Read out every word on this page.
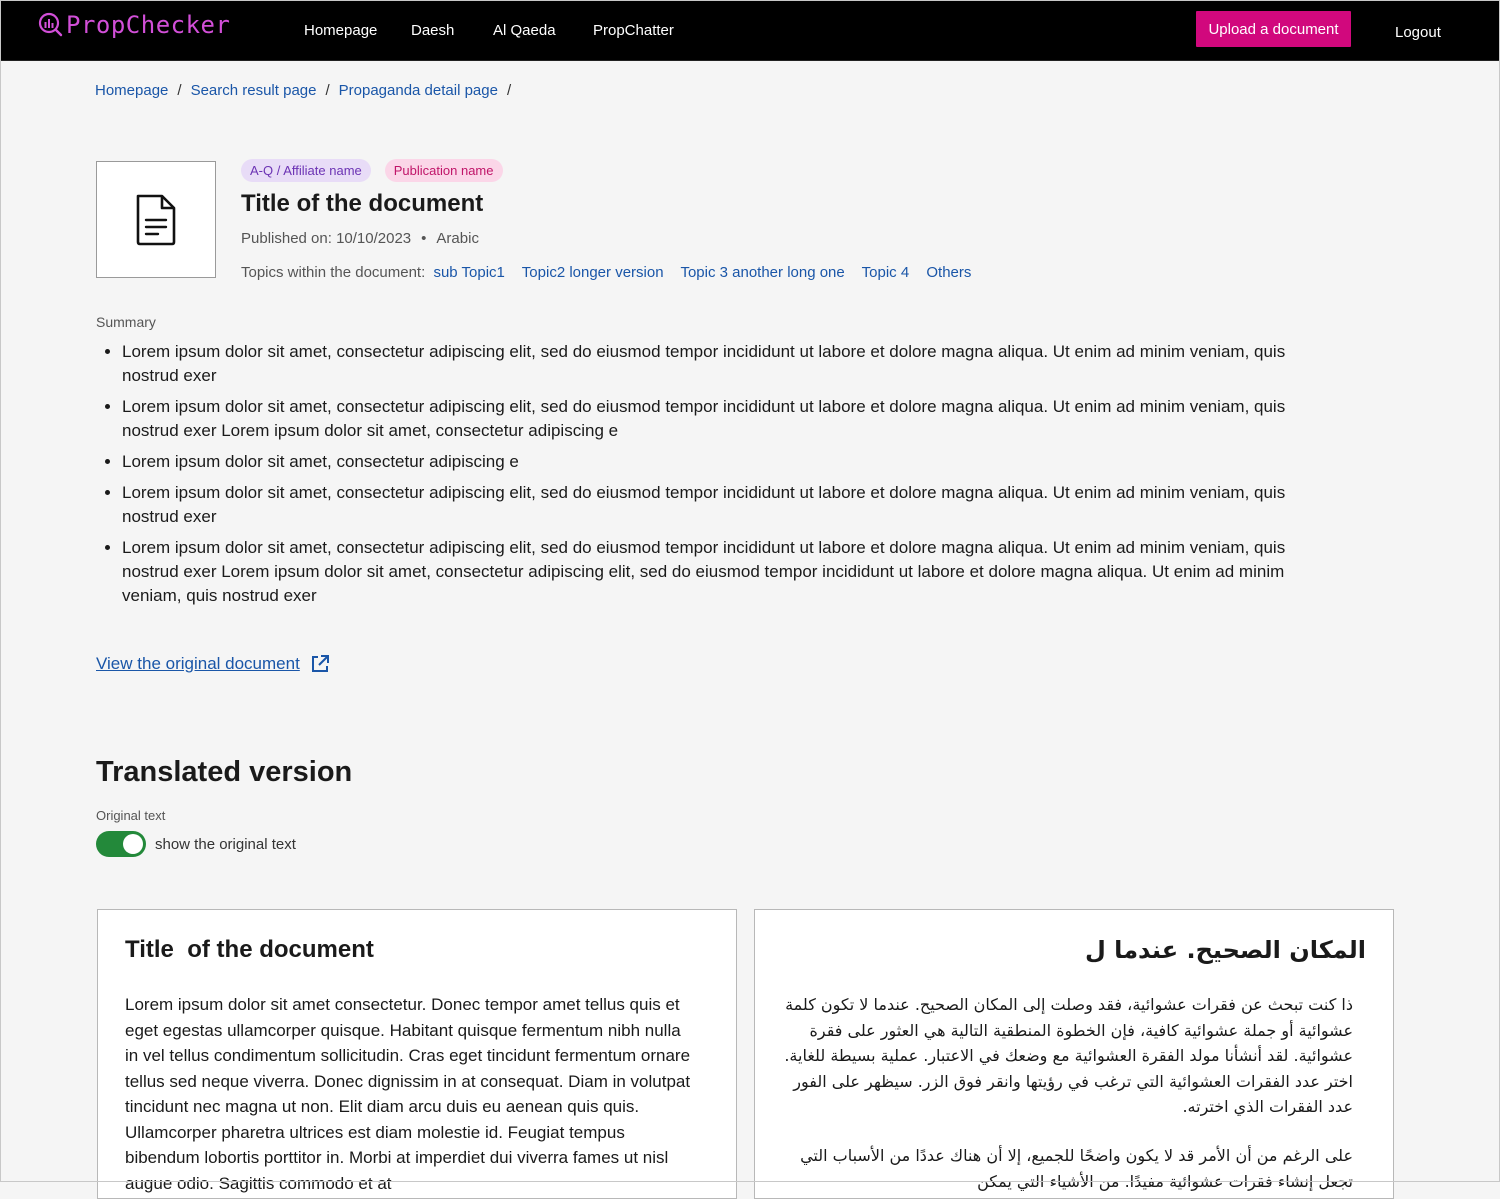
PropChecker	Homepage Daesh	Al Qaeda PropChatter	Upload a document	Logout
Homepage / Search result page / Propaganda detail page /
A-Q / Affiliate name	Publication name
Title of the document
Published on: 10/10/2023 • Arabic
Topics within the document: sub Topic1 Topic2 longer version Topic 3 another long one Topic 4 Others
Summary
• Lorem ipsum dolor sit amet, consectetur adipiscing elit, sed do eiusmod tempor incididunt ut labore et dolore magna aliqua. Ut enim ad minim veniam, quis nostrud exer
• Lorem ipsum dolor sit amet, consectetur adipiscing elit, sed do eiusmod tempor incididunt ut labore et dolore magna aliqua. Ut enim ad minim veniam, quis nostrud exer Lorem ipsum dolor sit amet, consectetur adipiscing e
• Lorem ipsum dolor sit amet, consectetur adipiscing e
• Lorem ipsum dolor sit amet, consectetur adipiscing elit, sed do eiusmod tempor incididunt ut labore et dolore magna aliqua. Ut enim ad minim veniam, quis nostrud exer
• Lorem ipsum dolor sit amet, consectetur adipiscing elit, sed do eiusmod tempor incididunt ut labore et dolore magna aliqua. Ut enim ad minim veniam, quis nostrud exer Lorem ipsum dolor sit amet, consectetur adipiscing elit, sed do eiusmod tempor incididunt ut labore et dolore magna aliqua. Ut enim ad minim veniam, quis nostrud exer
View the original document
Translated version
Original text
show the original text
Title  of the document

Lorem ipsum dolor sit amet consectetur. Donec tempor amet tellus quis et eget egestas ullamcorper quisque. Habitant quisque fermentum nibh nulla in vel tellus condimentum sollicitudin. Cras eget tincidunt fermentum ornare tellus sed neque viverra. Donec dignissim in at consequat. Diam in volutpat tincidunt nec magna ut non. Elit diam arcu duis eu aenean quis quis. Ullamcorper pharetra ultrices est diam molestie id. Feugiat tempus bibendum lobortis porttitor in. Morbi at imperdiet dui viverra fames ut nisl augue odio. Sagittis commodo et at

المكان الصحيح. عندما ل

ذا كنت تبحث عن فقرات عشوائية، فقد وصلت إلى المكان الصحيح. عندما لا تكون كلمة عشوائية أو جملة عشوائية كافية، فإن الخطوة المنطقية التالية هي العثور على فقرة عشوائية. لقد أنشأنا مولد الفقرة العشوائية مع وضعك في الاعتبار. عملية بسيطة للغاية. اختر عدد الفقرات العشوائية التي ترغب في رؤيتها وانقر فوق الزر. سيظهر على الفور عدد الفقرات الذي اخترته.

على الرغم من أن الأمر قد لا يكون واضحًا للجميع، إلا أن هناك عددًا من الأسباب التي تجعل إنشاء فقرات عشوائية مفيدًا. من الأشياء التي يمكن
